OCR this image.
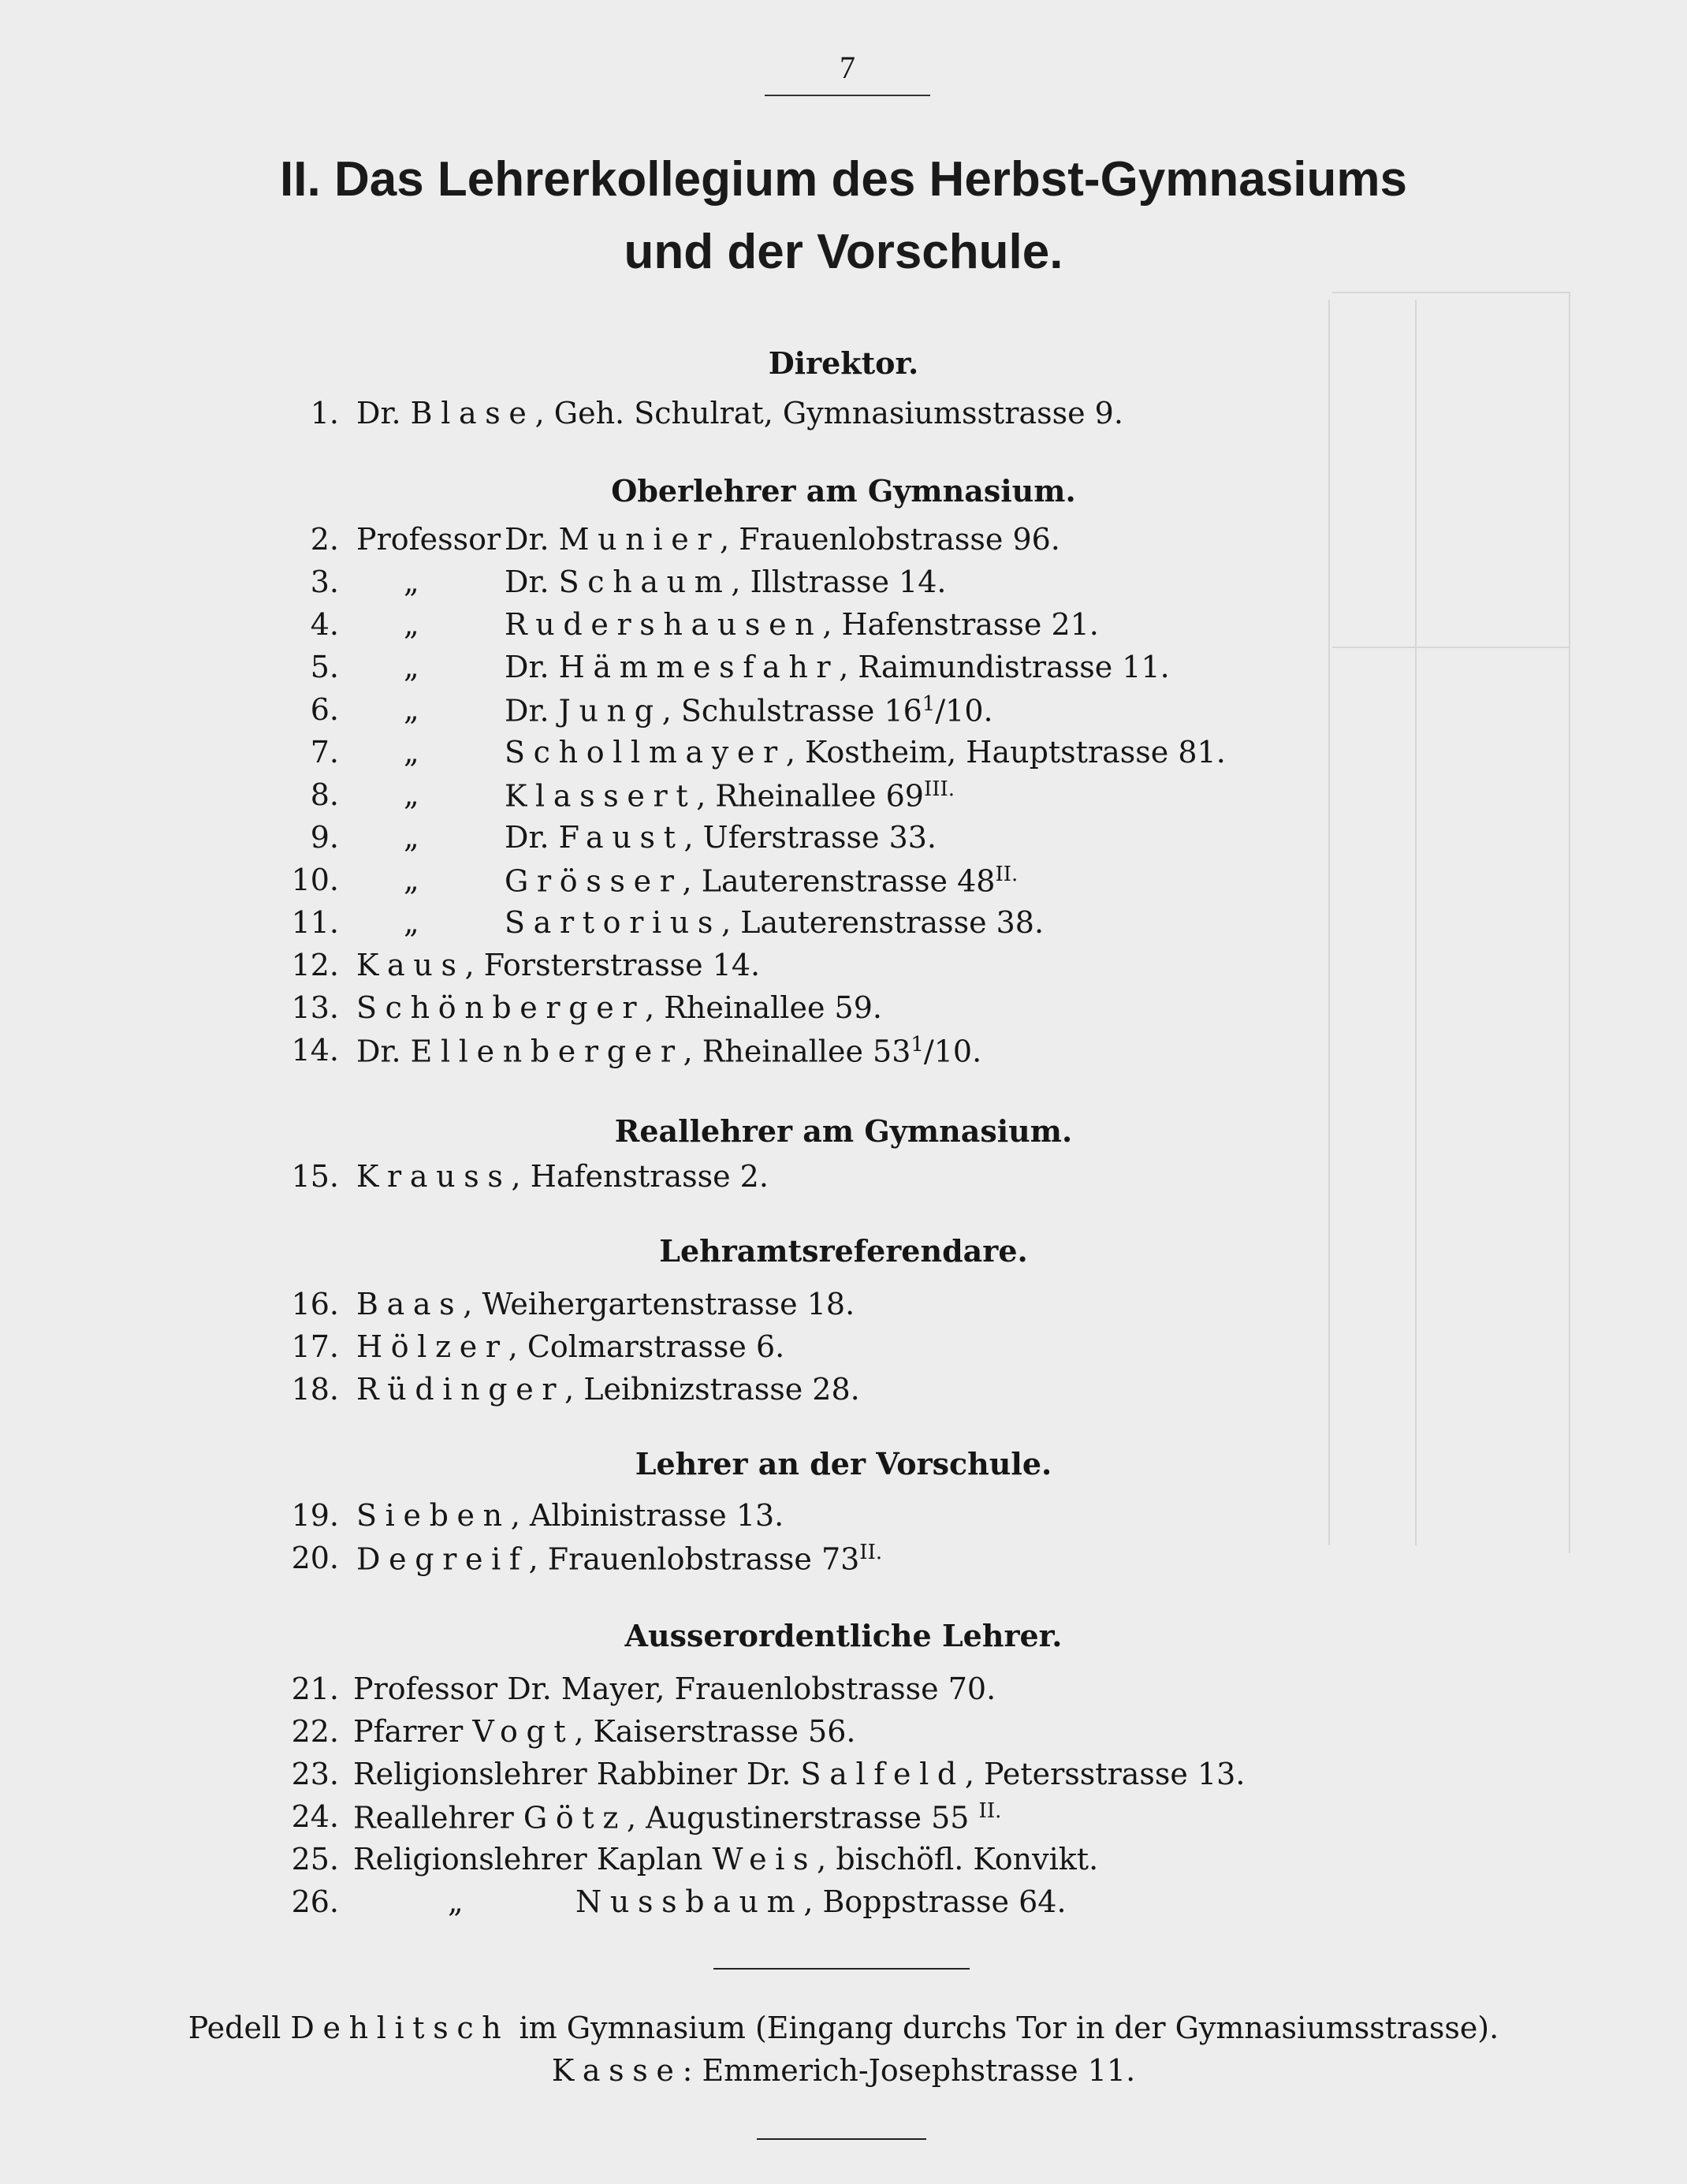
7
II. Das Lehrerkollegium des Herbst-Gymnasiums
und der Vorschule.
Direktor.
1. Dr. Blase, Geh. Schulrat, Gymnasiumsstrasse 9.
Oberlehrer am Gymnasium.
2. Professor Dr. Munier, Frauenlobstrasse 96.
3. „	Dr. Schaum, Illstrasse 14.
4. „	Rudershausen, Hafenstrasse 21.
5. „	Dr. Hämmesfahr, Raimundistrasse 11.
6. „	Dr. Jung, Schulstrasse $16^1/10$.
7. „	Schollmayer, Kostheim, Hauptstrasse 81.
8. „	Klassert, Rheinallee $69^{III.}$
9. „	Dr. Faust, Uferstrasse 33.
10. „	Grösser, Lauterenstrasse $48^{II.}$
11. „	Sartorius, Lauterenstrasse 38.
12. Kaus, Forsterstrasse 14.
13. Schönberger, Rheinallee 59.
14. Dr. Ellenberger, Rheinallee $53^1/10$.
Reallehrer am Gymnasium.
15. Krauss, Hafenstrasse 2.
Lehramtsreferendare.
16. Baas, Weihergartenstrasse 18.
17. Hölzer, Colmarstrasse 6.
18. Rüdinger, Leibnizstrasse 28.
Lehrer an der Vorschule.
19. Sieben, Albinistrasse 13.
20. Degreif, Frauenlobstrasse $73^{II.}$
Ausserordentliche Lehrer.
21. Professor Dr. Mayer, Frauenlobstrasse 70.
22. Pfarrer Vogt, Kaiserstrasse 56.
23. Religionslehrer Rabbiner Dr. Salfeld, Petersstrasse 13.
24. Reallehrer Götz, Augustinerstrasse 55 $^{II.}$
25. Religionslehrer Kaplan Weis, bischöfl. Konvikt.
26.	„	Nussbaum, Boppstrasse 64.
Pedell Dehlitsch im Gymnasium (Eingang durchs Tor in der Gymnasiumsstrasse).
Kasse: Emmerich-Josephstrasse 11.
